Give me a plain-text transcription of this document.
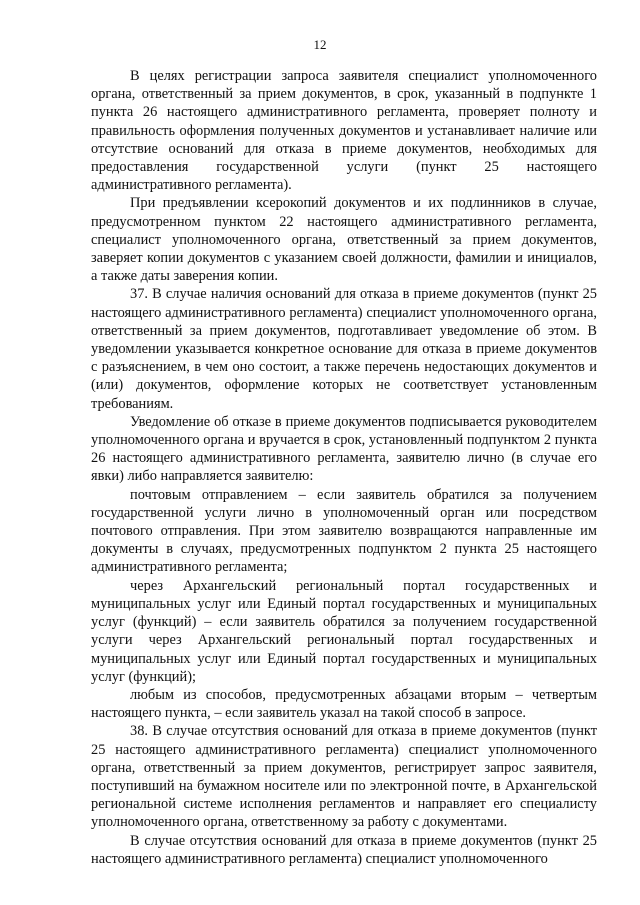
12

В целях регистрации запроса заявителя специалист уполномоченного органа, ответственный за прием документов, в срок, указанный в подпункте 1 пункта 26 настоящего административного регламента, проверяет полноту и правильность оформления полученных документов и устанавливает наличие или отсутствие оснований для отказа в приеме документов, необходимых для предоставления государственной услуги (пункт 25 настоящего административного регламента).

При предъявлении ксерокопий документов и их подлинников в случае, предусмотренном пунктом 22 настоящего административного регламента, специалист уполномоченного органа, ответственный за прием документов, заверяет копии документов с указанием своей должности, фамилии и инициалов, а также даты заверения копии.

37. В случае наличия оснований для отказа в приеме документов (пункт 25 настоящего административного регламента) специалист уполномоченного органа, ответственный за прием документов, подготавливает уведомление об этом. В уведомлении указывается конкретное основание для отказа в приеме документов с разъяснением, в чем оно состоит, а также перечень недостающих документов и (или) документов, оформление которых не соответствует установленным требованиям.

Уведомление об отказе в приеме документов подписывается руководителем уполномоченного органа и вручается в срок, установленный подпунктом 2 пункта 26 настоящего административного регламента, заявителю лично (в случае его явки) либо направляется заявителю:

почтовым отправлением – если заявитель обратился за получением государственной услуги лично в уполномоченный орган или посредством почтового отправления. При этом заявителю возвращаются направленные им документы в случаях, предусмотренных подпунктом 2 пункта 25 настоящего административного регламента;

через Архангельский региональный портал государственных и муниципальных услуг или Единый портал государственных и муниципальных услуг (функций) – если заявитель обратился за получением государственной услуги через Архангельский региональный портал государственных и муниципальных услуг или Единый портал государственных и муниципальных услуг (функций);

любым из способов, предусмотренных абзацами вторым – четвертым настоящего пункта, – если заявитель указал на такой способ в запросе.

38. В случае отсутствия оснований для отказа в приеме документов (пункт 25 настоящего административного регламента) специалист уполномоченного органа, ответственный за прием документов, регистрирует запрос заявителя, поступивший на бумажном носителе или по электронной почте, в Архангельской региональной системе исполнения регламентов и направляет его специалисту уполномоченного органа, ответственному за работу с документами.

В случае отсутствия оснований для отказа в приеме документов (пункт 25 настоящего административного регламента) специалист уполномоченного
